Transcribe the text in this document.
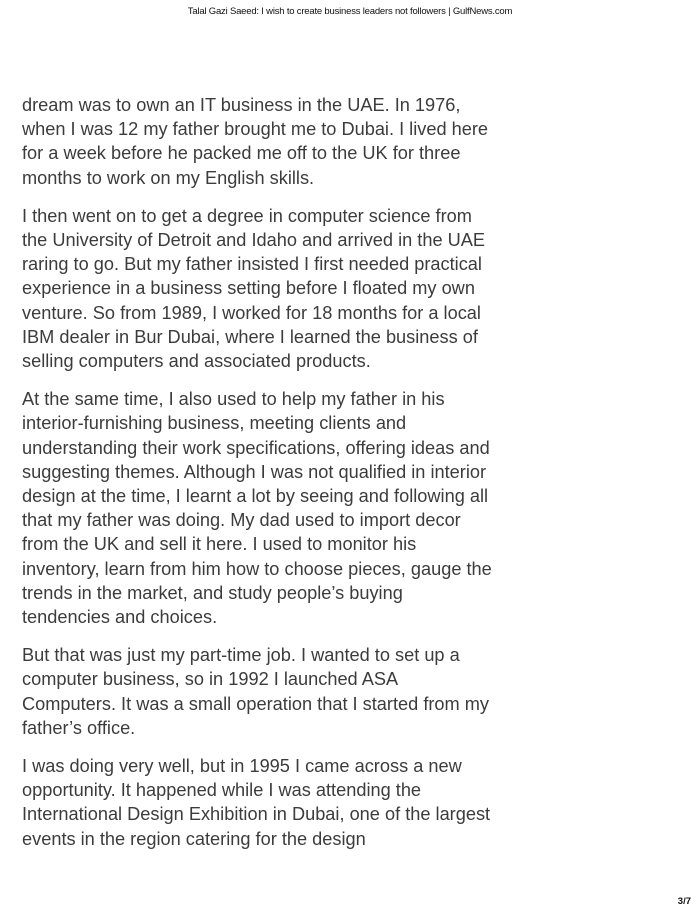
Talal Gazi Saeed: I wish to create business leaders not followers | GulfNews.com

dream was to own an IT business in the UAE. In 1976, when I was 12 my father brought me to Dubai. I lived here for a week before he packed me off to the UK for three months to work on my English skills.

I then went on to get a degree in computer science from the University of Detroit and Idaho and arrived in the UAE raring to go. But my father insisted I first needed practical experience in a business setting before I floated my own venture. So from 1989, I worked for 18 months for a local IBM dealer in Bur Dubai, where I learned the business of selling computers and associated products.

At the same time, I also used to help my father in his interior-furnishing business, meeting clients and understanding their work specifications, offering ideas and suggesting themes. Although I was not qualified in interior design at the time, I learnt a lot by seeing and following all that my father was doing. My dad used to import decor from the UK and sell it here. I used to monitor his inventory, learn from him how to choose pieces, gauge the trends in the market, and study people’s buying tendencies and choices.

But that was just my part-time job. I wanted to set up a computer business, so in 1992 I launched ASA Computers. It was a small operation that I started from my father’s office.

I was doing very well, but in 1995 I came across a new opportunity. It happened while I was attending the International Design Exhibition in Dubai, one of the largest events in the region catering for the design

3/7
